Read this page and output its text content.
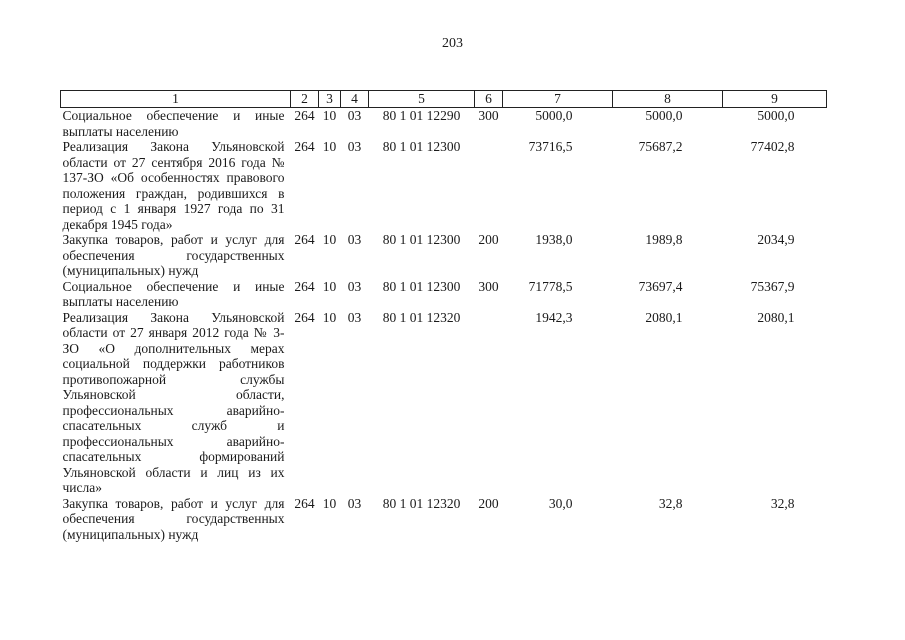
203
1	2	3	4	5	6	7	8	9
Социальное обеспечение и иные выплаты населению	264	10	03	80 1 01 12290	300	5000,0	5000,0	5000,0
Реализация Закона Ульяновской области от 27 сентября 2016 года № 137-ЗО «Об особенностях правового положения граждан, родившихся в период с 1 января 1927 года по 31 декабря 1945 года»	264	10	03	80 1 01 12300		73716,5	75687,2	77402,8
Закупка товаров, работ и услуг для обеспечения государственных (муниципальных) нужд	264	10	03	80 1 01 12300	200	1938,0	1989,8	2034,9
Социальное обеспечение и иные выплаты населению	264	10	03	80 1 01 12300	300	71778,5	73697,4	75367,9
Реализация Закона Ульяновской области от 27 января 2012 года № 3-ЗО «О дополнительных мерах социальной поддержки работников противопожарной службы Ульяновской области, профессиональных аварийно-спасательных служб и профессиональных аварийно-спасательных формирований Ульяновской области и лиц из их числа»	264	10	03	80 1 01 12320		1942,3	2080,1	2080,1
Закупка товаров, работ и услуг для обеспечения государственных (муниципальных) нужд	264	10	03	80 1 01 12320	200	30,0	32,8	32,8
